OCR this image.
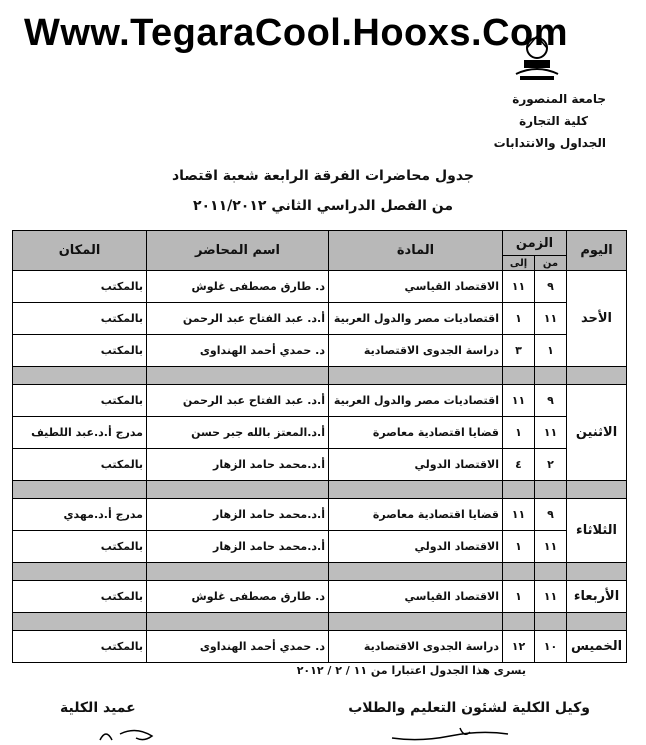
Www.TegaraCool.Hooxs.Com
جامعة المنصورة
كلية التجارة
الجداول والانتدابات
جدول محاضرات الفرقة الرابعة شعبة اقتصاد
من الفصل الدراسي الثاني ٢٠١١/٢٠١٢
اليوم	الزمن		المادة	اسم المحاضر	المكان
	من	إلى			
الأحد	٩	١١	الاقتصاد القياسي	د. طارق مصطفى غلوش	بالمكتب
	١١	١	اقتصاديات مصر والدول العربية	أ.د. عبد الفتاح عبد الرحمن	بالمكتب
	١	٣	دراسة الجدوى الاقتصادية	د. حمدي أحمد الهنداوى	بالمكتب

الاثنين	٩	١١	اقتصاديات مصر والدول العربية	أ.د. عبد الفتاح عبد الرحمن	بالمكتب
	١١	١	قضايا اقتصادية معاصرة	أ.د.المعتز بالله جبر حسن	مدرج أ.د.عبد اللطيف
	٢	٤	الاقتصاد الدولي	أ.د.محمد حامد الزهار	بالمكتب

الثلاثاء	٩	١١	قضايا اقتصادية معاصرة	أ.د.محمد حامد الزهار	مدرج أ.د.مهدي
	١١	١	الاقتصاد الدولي	أ.د.محمد حامد الزهار	بالمكتب

الأربعاء	١١	١	الاقتصاد القياسي	د. طارق مصطفى غلوش	بالمكتب

الخميس	١٠	١٢	دراسة الجدوى الاقتصادية	د. حمدي أحمد الهنداوى	بالمكتب
يسرى هذا الجدول اعتبارا من ١١ / ٢ / ٢٠١٢
وكيل الكلية لشئون التعليم والطلاب
عميد الكلية
